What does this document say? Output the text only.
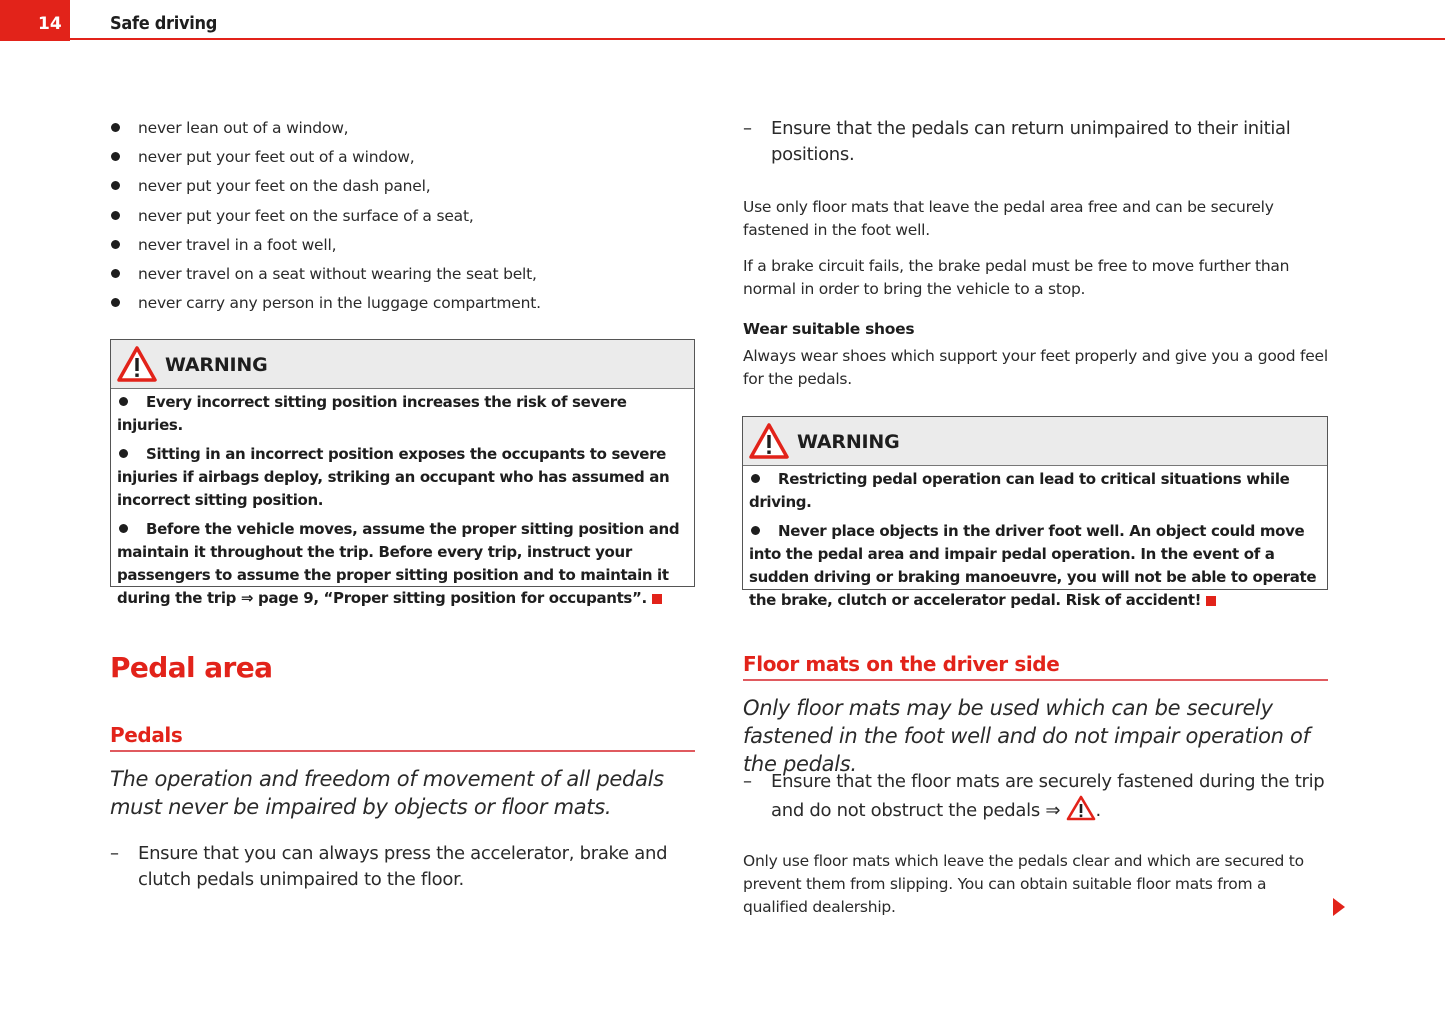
14	Safe driving
never lean out of a window,
never put your feet out of a window,
never put your feet on the dash panel,
never put your feet on the surface of a seat,
never travel in a foot well,
never travel on a seat without wearing the seat belt,
never carry any person in the luggage compartment.
WARNING

Every incorrect sitting position increases the risk of severe injuries.

Sitting in an incorrect position exposes the occupants to severe injuries if airbags deploy, striking an occupant who has assumed an incorrect sitting position.

Before the vehicle moves, assume the proper sitting position and maintain it throughout the trip. Before every trip, instruct your passengers to assume the proper sitting position and to maintain it during the trip ⇒ page 9, “Proper sitting position for occupants”.

Pedal area
Pedals

The operation and freedom of movement of all pedals must never be impaired by objects or floor mats.

– Ensure that you can always press the accelerator, brake and clutch pedals unimpaired to the floor.

– Ensure that the pedals can return unimpaired to their initial positions.

Use only floor mats that leave the pedal area free and can be securely fastened in the foot well.

If a brake circuit fails, the brake pedal must be free to move further than normal in order to bring the vehicle to a stop.

Wear suitable shoes

Always wear shoes which support your feet properly and give you a good feel for the pedals.

WARNING

Restricting pedal operation can lead to critical situations while driving.

Never place objects in the driver foot well. An object could move into the pedal area and impair pedal operation. In the event of a sudden driving or braking manoeuvre, you will not be able to operate the brake, clutch or accelerator pedal. Risk of accident!

Floor mats on the driver side

Only floor mats may be used which can be securely fastened in the foot well and do not impair operation of the pedals.

– Ensure that the floor mats are securely fastened during the trip and do not obstruct the pedals ⇒ .

Only use floor mats which leave the pedals clear and which are secured to prevent them from slipping. You can obtain suitable floor mats from a qualified dealership.
